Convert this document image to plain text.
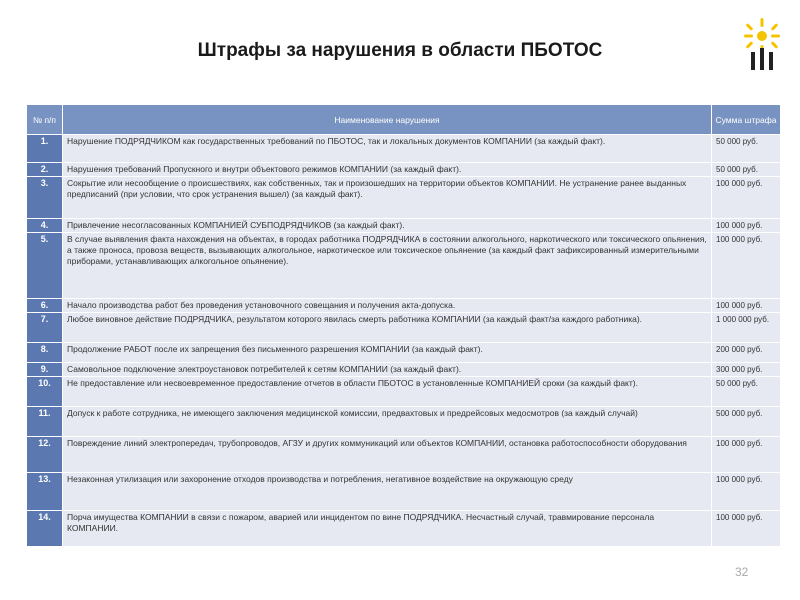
Штрафы за нарушения в области ПБОТОС
№ п/п	Наименование нарушения	Сумма штрафа
1.	Нарушение ПОДРЯДЧИКОМ как государственных требований по ПБОТОС, так и локальных документов КОМПАНИИ (за каждый факт).	50 000 руб.
2.	Нарушения требований Пропускного и внутри объектового режимов КОМПАНИИ (за каждый факт).	50 000 руб.
3.	Сокрытие или несообщение о происшествиях, как собственных, так и произошедших на территории объектов КОМПАНИИ. Не устранение ранее выданных предписаний (при условии, что срок устранения вышел) (за каждый факт).	100 000 руб.
4.	Привлечение несогласованных КОМПАНИЕЙ СУБПОДРЯДЧИКОВ (за каждый факт).	100 000 руб.
5.	В случае выявления факта нахождения на объектах, в городах работника ПОДРЯДЧИКА в состоянии алкогольного, наркотического или токсического опьянения, а также проноса, провоза веществ, вызывающих алкогольное, наркотическое или токсическое опьянение (за каждый факт зафиксированный измерительными приборами, устанавливающих алкогольное опьянение).	100 000 руб.
6.	Начало производства работ без проведения установочного совещания и получения акта-допуска.	100 000 руб.
7.	Любое виновное действие ПОДРЯДЧИКА, результатом которого явилась смерть работника КОМПАНИИ (за каждый факт/за каждого работника).	1 000 000 руб.
8.	Продолжение РАБОТ после их запрещения без письменного разрешения КОМПАНИИ (за каждый факт).	200 000 руб.
9.	Самовольное подключение электроустановок потребителей к сетям КОМПАНИИ (за каждый факт).	300 000 руб.
10.	Не предоставление или несвоевременное предоставление отчетов в области ПБОТОС в установленные КОМПАНИЕЙ сроки (за каждый факт).	50 000 руб.
11.	Допуск к работе сотрудника, не имеющего заключения медицинской комиссии, предвахтовых и предрейсовых медосмотров (за каждый случай)	500 000 руб.
12.	Повреждение линий электропередач, трубопроводов, АГЗУ и других коммуникаций или объектов КОМПАНИИ, остановка работоспособности оборудования	100 000 руб.
13.	Незаконная утилизация или захоронение отходов производства и потребления, негативное воздействие на окружающую среду	100 000 руб.
14.	Порча имущества КОМПАНИИ в связи с пожаром, аварией или инцидентом по вине ПОДРЯДЧИКА. Несчастный случай, травмирование персонала КОМПАНИИ.	100 000 руб.
32
